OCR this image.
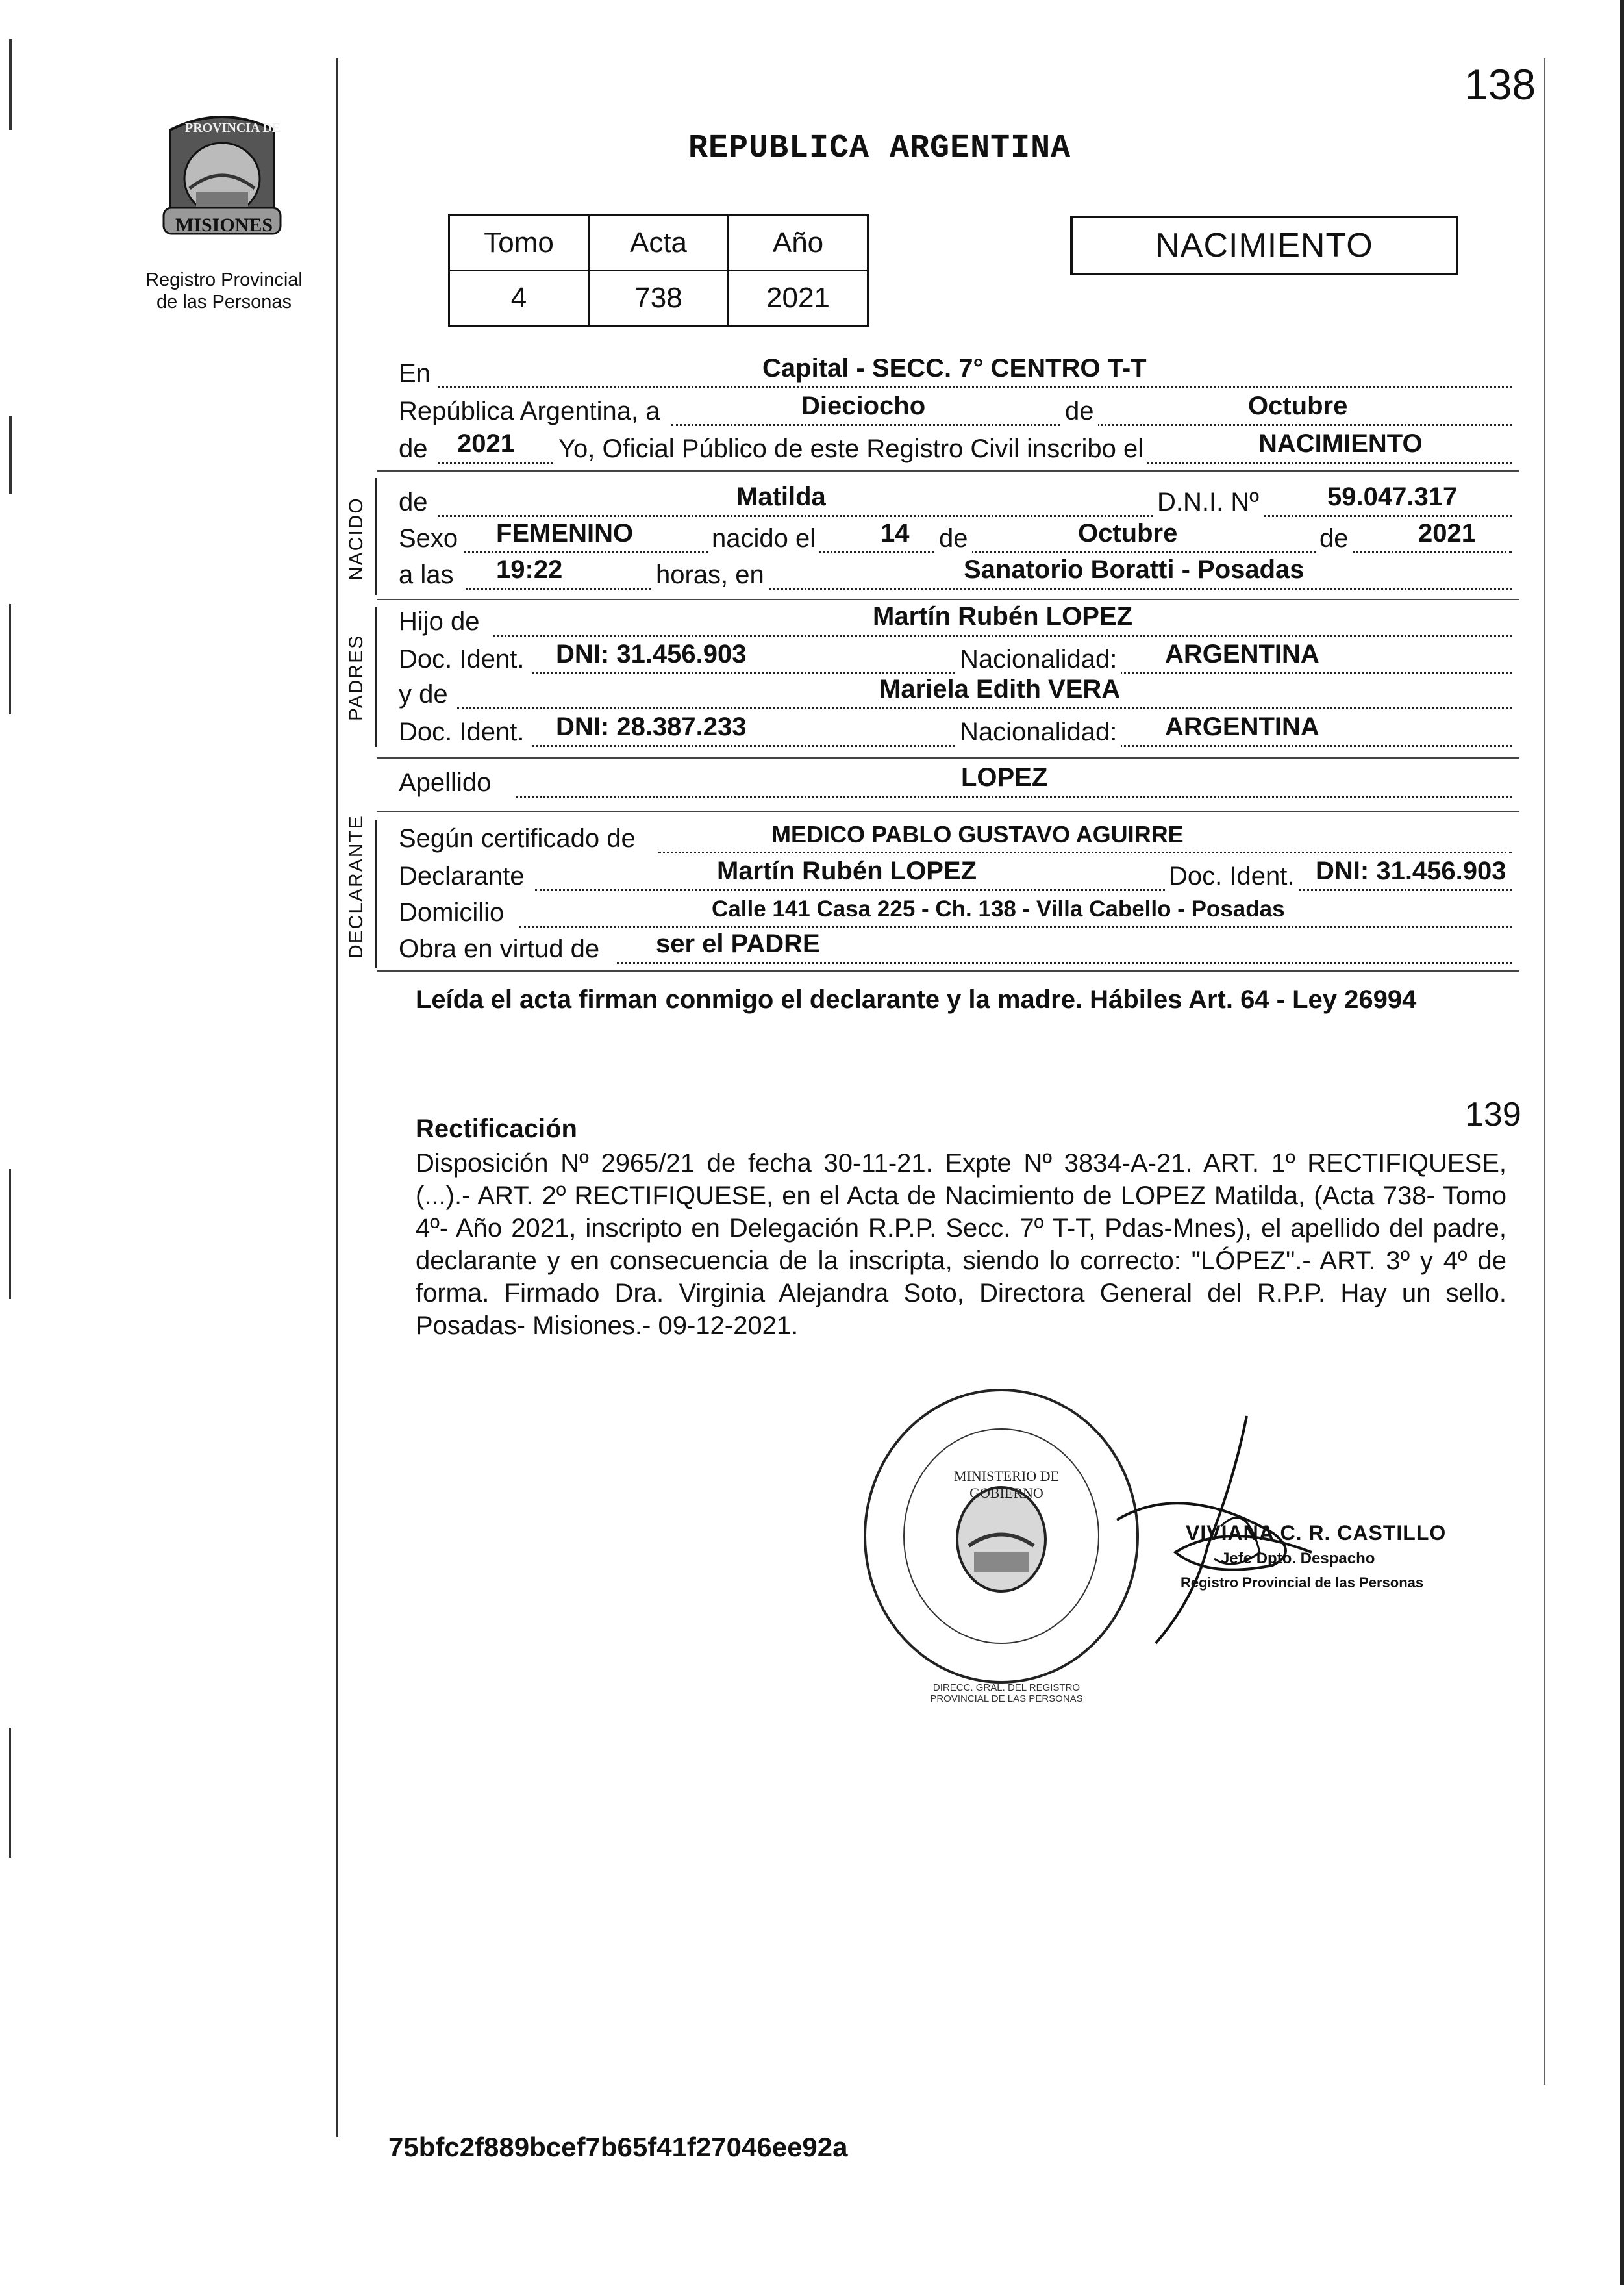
PROVINCIA DE
MISIONES
Registro Provincial
de las Personas
138
REPUBLICA ARGENTINA
Tomo	Acta	Año
4	738	2021
NACIMIENTO
En	Capital - SECC. 7° CENTRO T-T
República Argentina, a	Dieciocho	de	Octubre
de 2021 Yo, Oficial Público de este Registro Civil inscribo el	NACIMIENTO
NACIDO de	Matilda	D.N.I. Nº	59.047.317
Sexo FEMENINO	nacido el 14 de	Octubre	de	2021
a las 19:22	horas, en	Sanatorio Boratti - Posadas
PADRES
Hijo de	Martín Rubén LOPEZ
Doc. Ident. DNI: 31.456.903	Nacionalidad: ARGENTINA
y de	Mariela Edith VERA
Doc. Ident. DNI: 28.387.233	Nacionalidad: ARGENTINA
Apellido	LOPEZ
DECLARANTE Según certificado de	MEDICO PABLO GUSTAVO AGUIRRE
Declarante	Martín Rubén LOPEZ	Doc. Ident. DNI: 31.456.903
Domicilio	Calle 141 Casa 225 - Ch. 138 - Villa Cabello - Posadas
Obra en virtud de ser el PADRE
Leída el acta firman conmigo el declarante y la madre. Hábiles Art. 64 - Ley 26994
139
Rectificación
Disposición Nº 2965/21 de fecha 30-11-21. Expte Nº 3834-A-21. ART. 1º RECTIFIQUESE, (...).- ART. 2º RECTIFIQUESE, en el Acta de Nacimiento de LOPEZ Matilda, (Acta 738- Tomo 4º- Año 2021, inscripto en Delegación R.P.P. Secc. 7º T-T, Pdas-Mnes), el apellido del padre, declarante y en consecuencia de la inscripta, siendo lo correcto: "LÓPEZ".- ART. 3º y 4º de forma. Firmado Dra. Virginia Alejandra Soto, Directora General del R.P.P. Hay un sello. Posadas- Misiones.- 09-12-2021.
DIRECC. GRAL. DEL REGISTRO PROVINCIAL DE LAS PERSONAS
MINISTERIO DE GOBIERNO
VIVIANA C. R. CASTILLO
Jefe Dpto. Despacho
Registro Provincial de las Personas
75bfc2f889bcef7b65f41f27046ee92a
